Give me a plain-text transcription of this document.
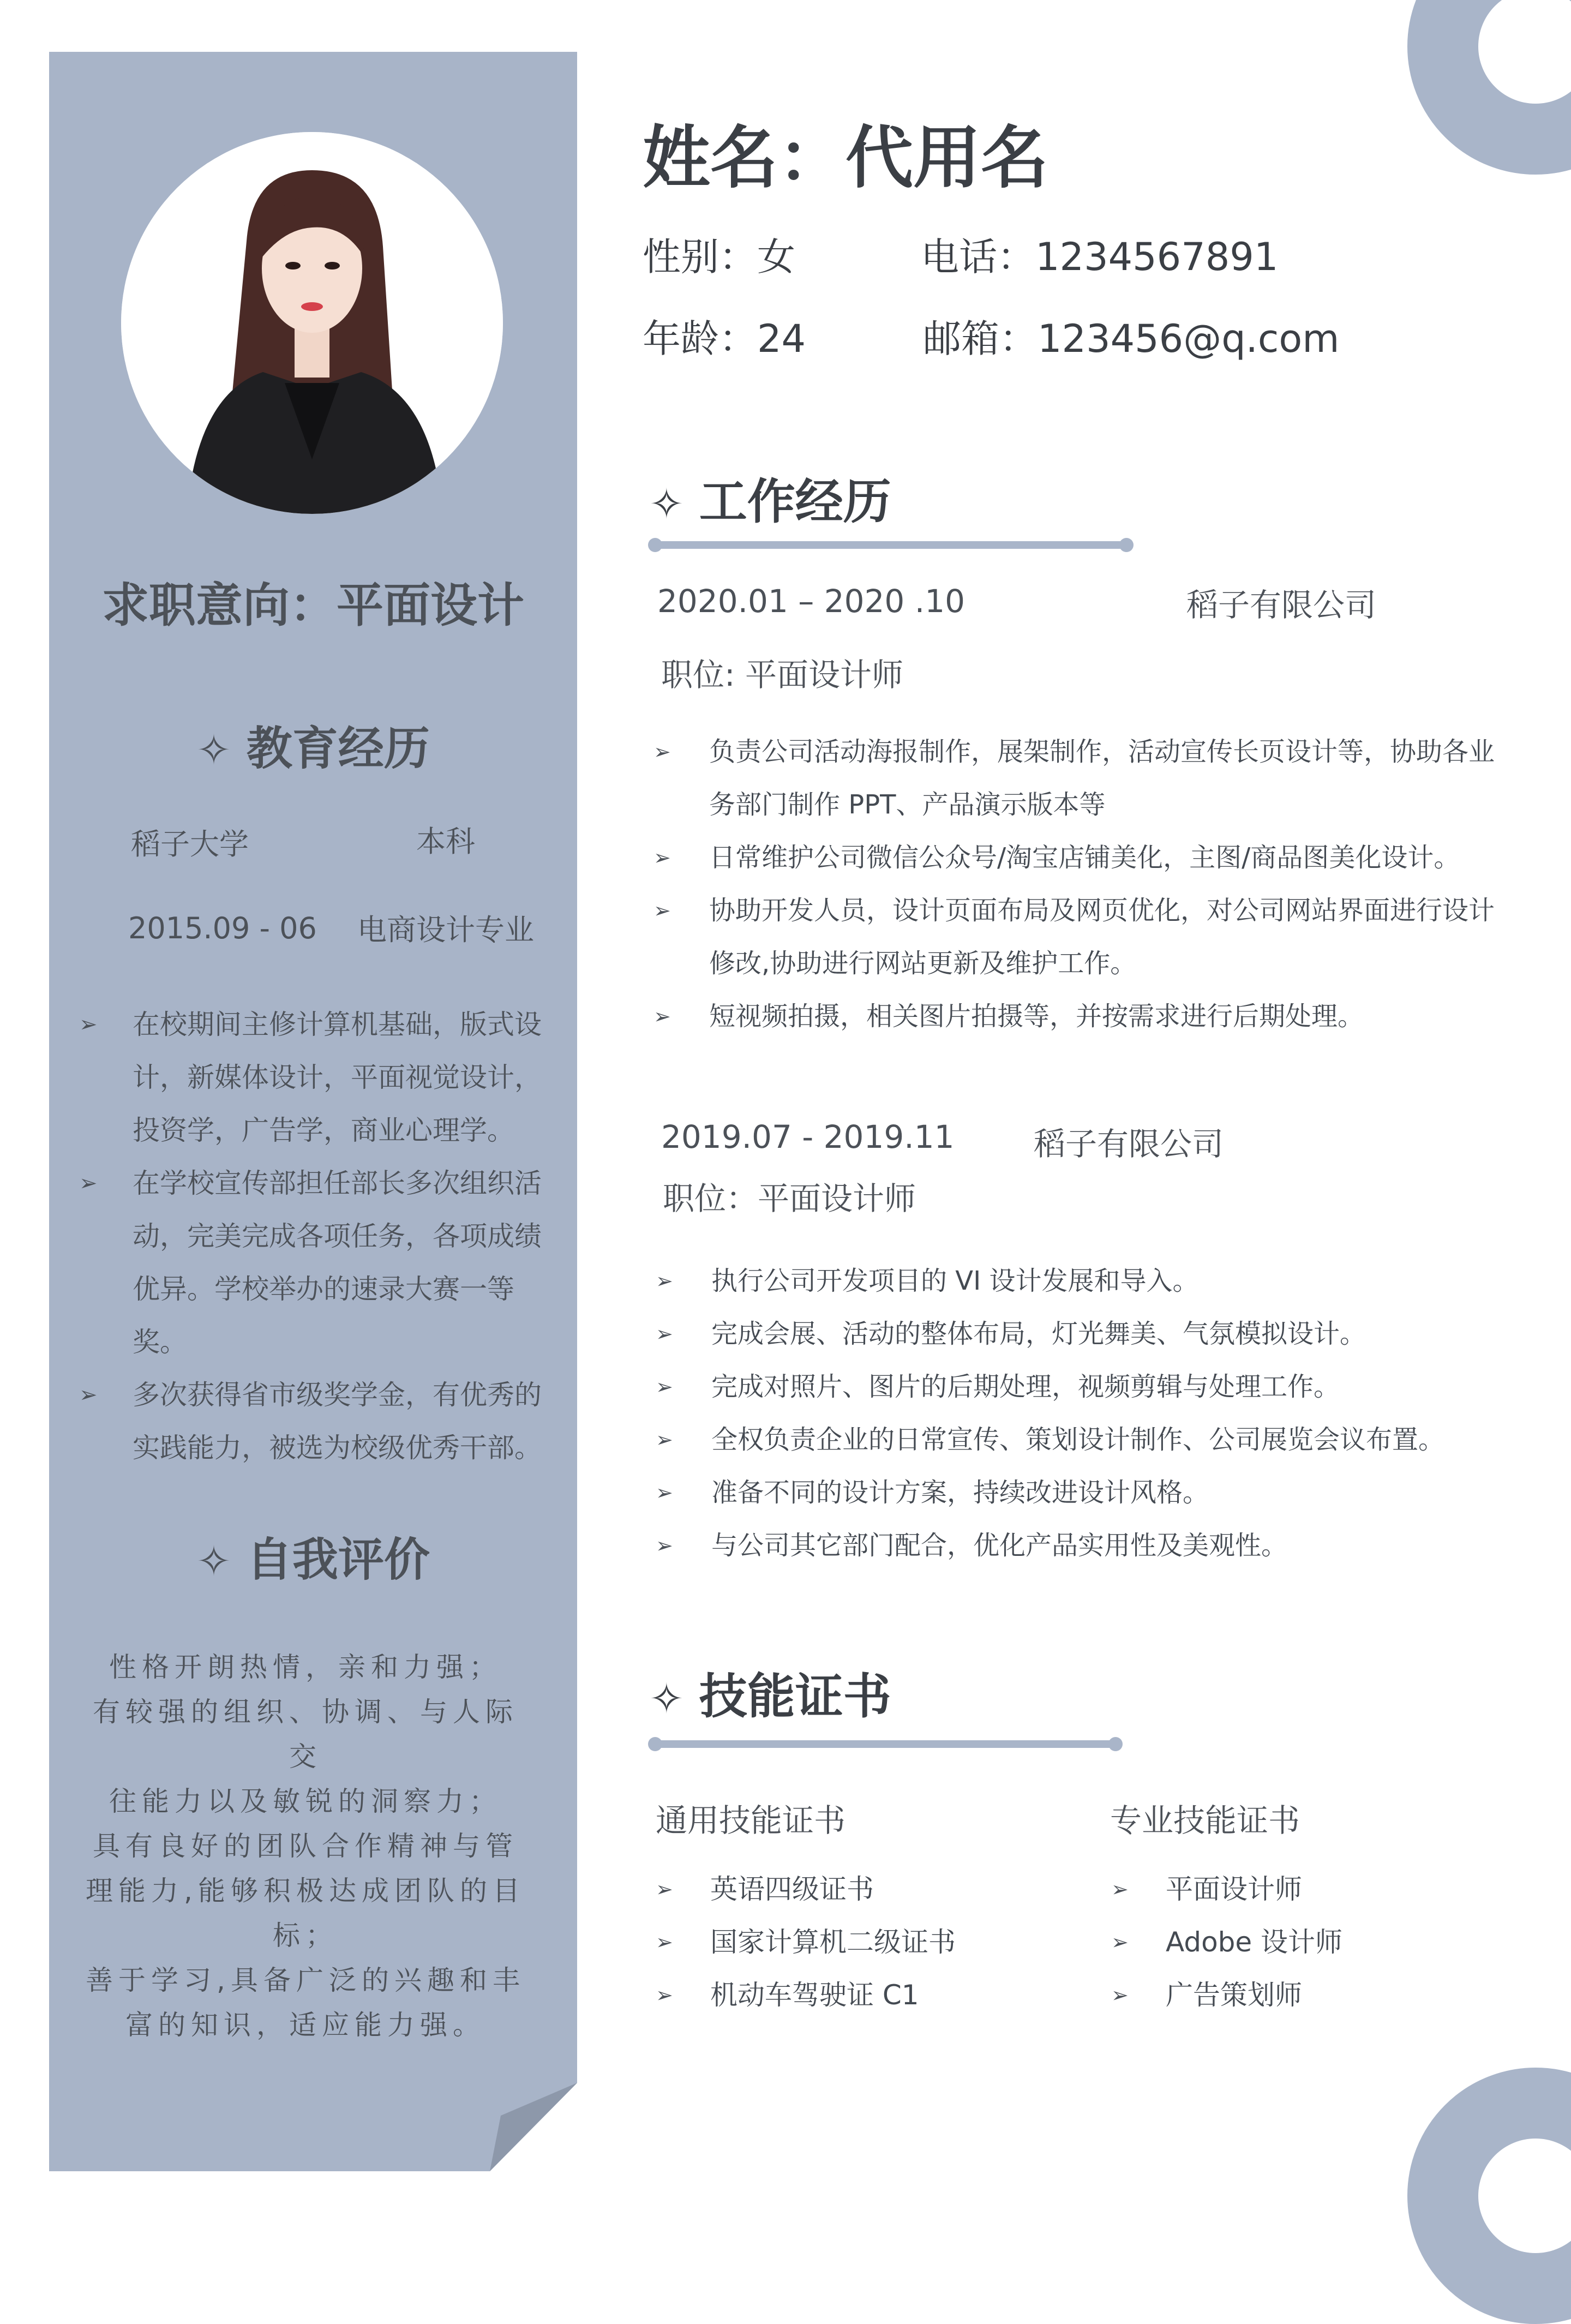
求职意向：平面设计
✧ 教育经历
稻子大学	本科
2015.09 - 06 电商设计专业
➢ 在校期间主修计算机基础，版式设计，新媒体设计，平面视觉设计，投资学，广告学，商业心理学。
➢ 在学校宣传部担任部长多次组织活动，完美完成各项任务，各项成绩优异。学校举办的速录大赛一等奖。
➢ 多次获得省市级奖学金，有优秀的实践能力，被选为校级优秀干部。
✧ 自我评价
性格开朗热情，亲和力强；
有较强的组织、协调、与人际交
往能力以及敏锐的洞察力；
具有良好的团队合作精神与管
理能力,能够积极达成团队的目
标；
善于学习,具备广泛的兴趣和丰
富的知识，适应能力强。
姓名：代用名
性别：女	电话：1234567891
年龄：24	邮箱：123456@q.com
✧ 工作经历
2020.01 – 2020 .10	稻子有限公司
职位: 平面设计师
➢ 负责公司活动海报制作，展架制作，活动宣传长页设计等，协助各业
务部门制作 PPT、产品演示版本等
➢ 日常维护公司微信公众号/淘宝店铺美化，主图/商品图美化设计。
➢ 协助开发人员，设计页面布局及网页优化，对公司网站界面进行设计
修改,协助进行网站更新及维护工作。
➢ 短视频拍摄，相关图片拍摄等，并按需求进行后期处理。
2019.07 - 2019.11	稻子有限公司
职位：平面设计师
➢ 执行公司开发项目的 VI 设计发展和导入。
➢ 完成会展、活动的整体布局，灯光舞美、气氛模拟设计。
➢ 完成对照片、图片的后期处理，视频剪辑与处理工作。
➢ 全权负责企业的日常宣传、策划设计制作、公司展览会议布置。
➢ 准备不同的设计方案，持续改进设计风格。
➢ 与公司其它部门配合，优化产品实用性及美观性。
✧ 技能证书
通用技能证书	专业技能证书
➢ 英语四级证书
➢ 国家计算机二级证书
➢ 机动车驾驶证 C1
➢ 平面设计师
➢ Adobe 设计师
➢ 广告策划师
